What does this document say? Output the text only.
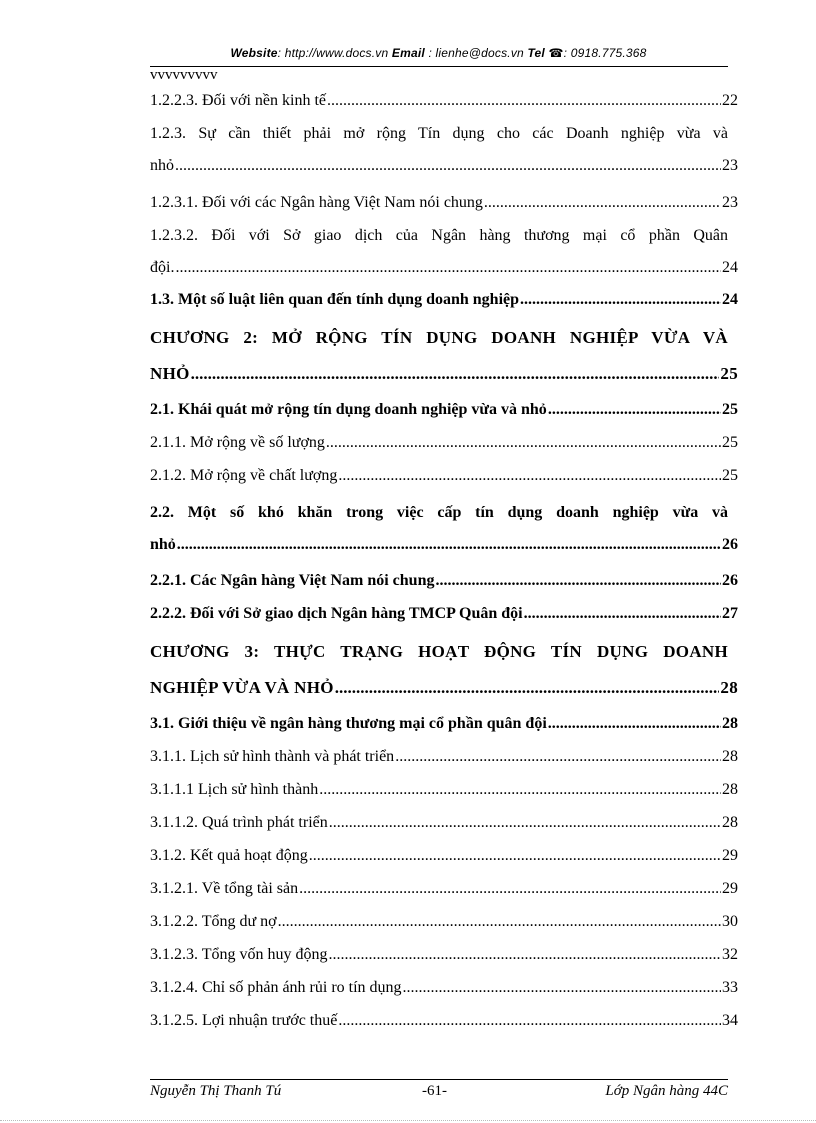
Website: http://www.docs.vn Email : lienhe@docs.vn Tel ☎: 0918.775.368
vvvvvvvvv
1.2.2.3. Đối với nền kinh tế .....	22
1.2.3. Sự cần thiết phải mở rộng Tín dụng cho các Doanh nghiệp vừa và
nhỏ .....	23
1.2.3.1. Đối với các Ngân hàng Việt Nam nói chung .....	23
1.2.3.2. Đối với Sở giao dịch của Ngân hàng thương mại cổ phần Quân
đội. .....	24
1.3. Một số luật liên quan đến tính dụng doanh nghiệp .....	24
CHƯƠNG 2: MỞ RỘNG TÍN DỤNG DOANH NGHIỆP VỪA VÀ
NHỎ .....	25
2.1. Khái quát mở rộng tín dụng doanh nghiệp vừa và nhỏ .....	25
2.1.1. Mở rộng về số lượng .....	25
2.1.2. Mở rộng về chất lượng .....	25
2.2. Một số khó khăn trong việc cấp tín dụng doanh nghiệp vừa và
nhỏ .....	26
2.2.1. Các Ngân hàng Việt Nam nói chung .....	26
2.2.2. Đối với Sở giao dịch Ngân hàng TMCP Quân đội .....	27
CHƯƠNG 3: THỰC TRẠNG HOẠT ĐỘNG TÍN DỤNG DOANH
NGHIỆP VỪA VÀ NHỎ .....	28
3.1. Giới thiệu về ngân hàng thương mại cổ phần quân đội .....	28
3.1.1. Lịch sử hình thành và phát triển .....	28
3.1.1.1 Lịch sử hình thành .....	28
3.1.1.2. Quá trình phát triển .....	28
3.1.2. Kết quả hoạt động .....	29
3.1.2.1. Về tổng tài sản .....	29
3.1.2.2. Tổng dư nợ .....	30
3.1.2.3. Tổng vốn huy động .....	32
3.1.2.4. Chỉ số phản ánh rủi ro tín dụng .....	33
3.1.2.5. Lợi nhuận trước thuế .....	34
Nguyễn Thị Thanh Tú	-61-	Lớp Ngân hàng 44C
